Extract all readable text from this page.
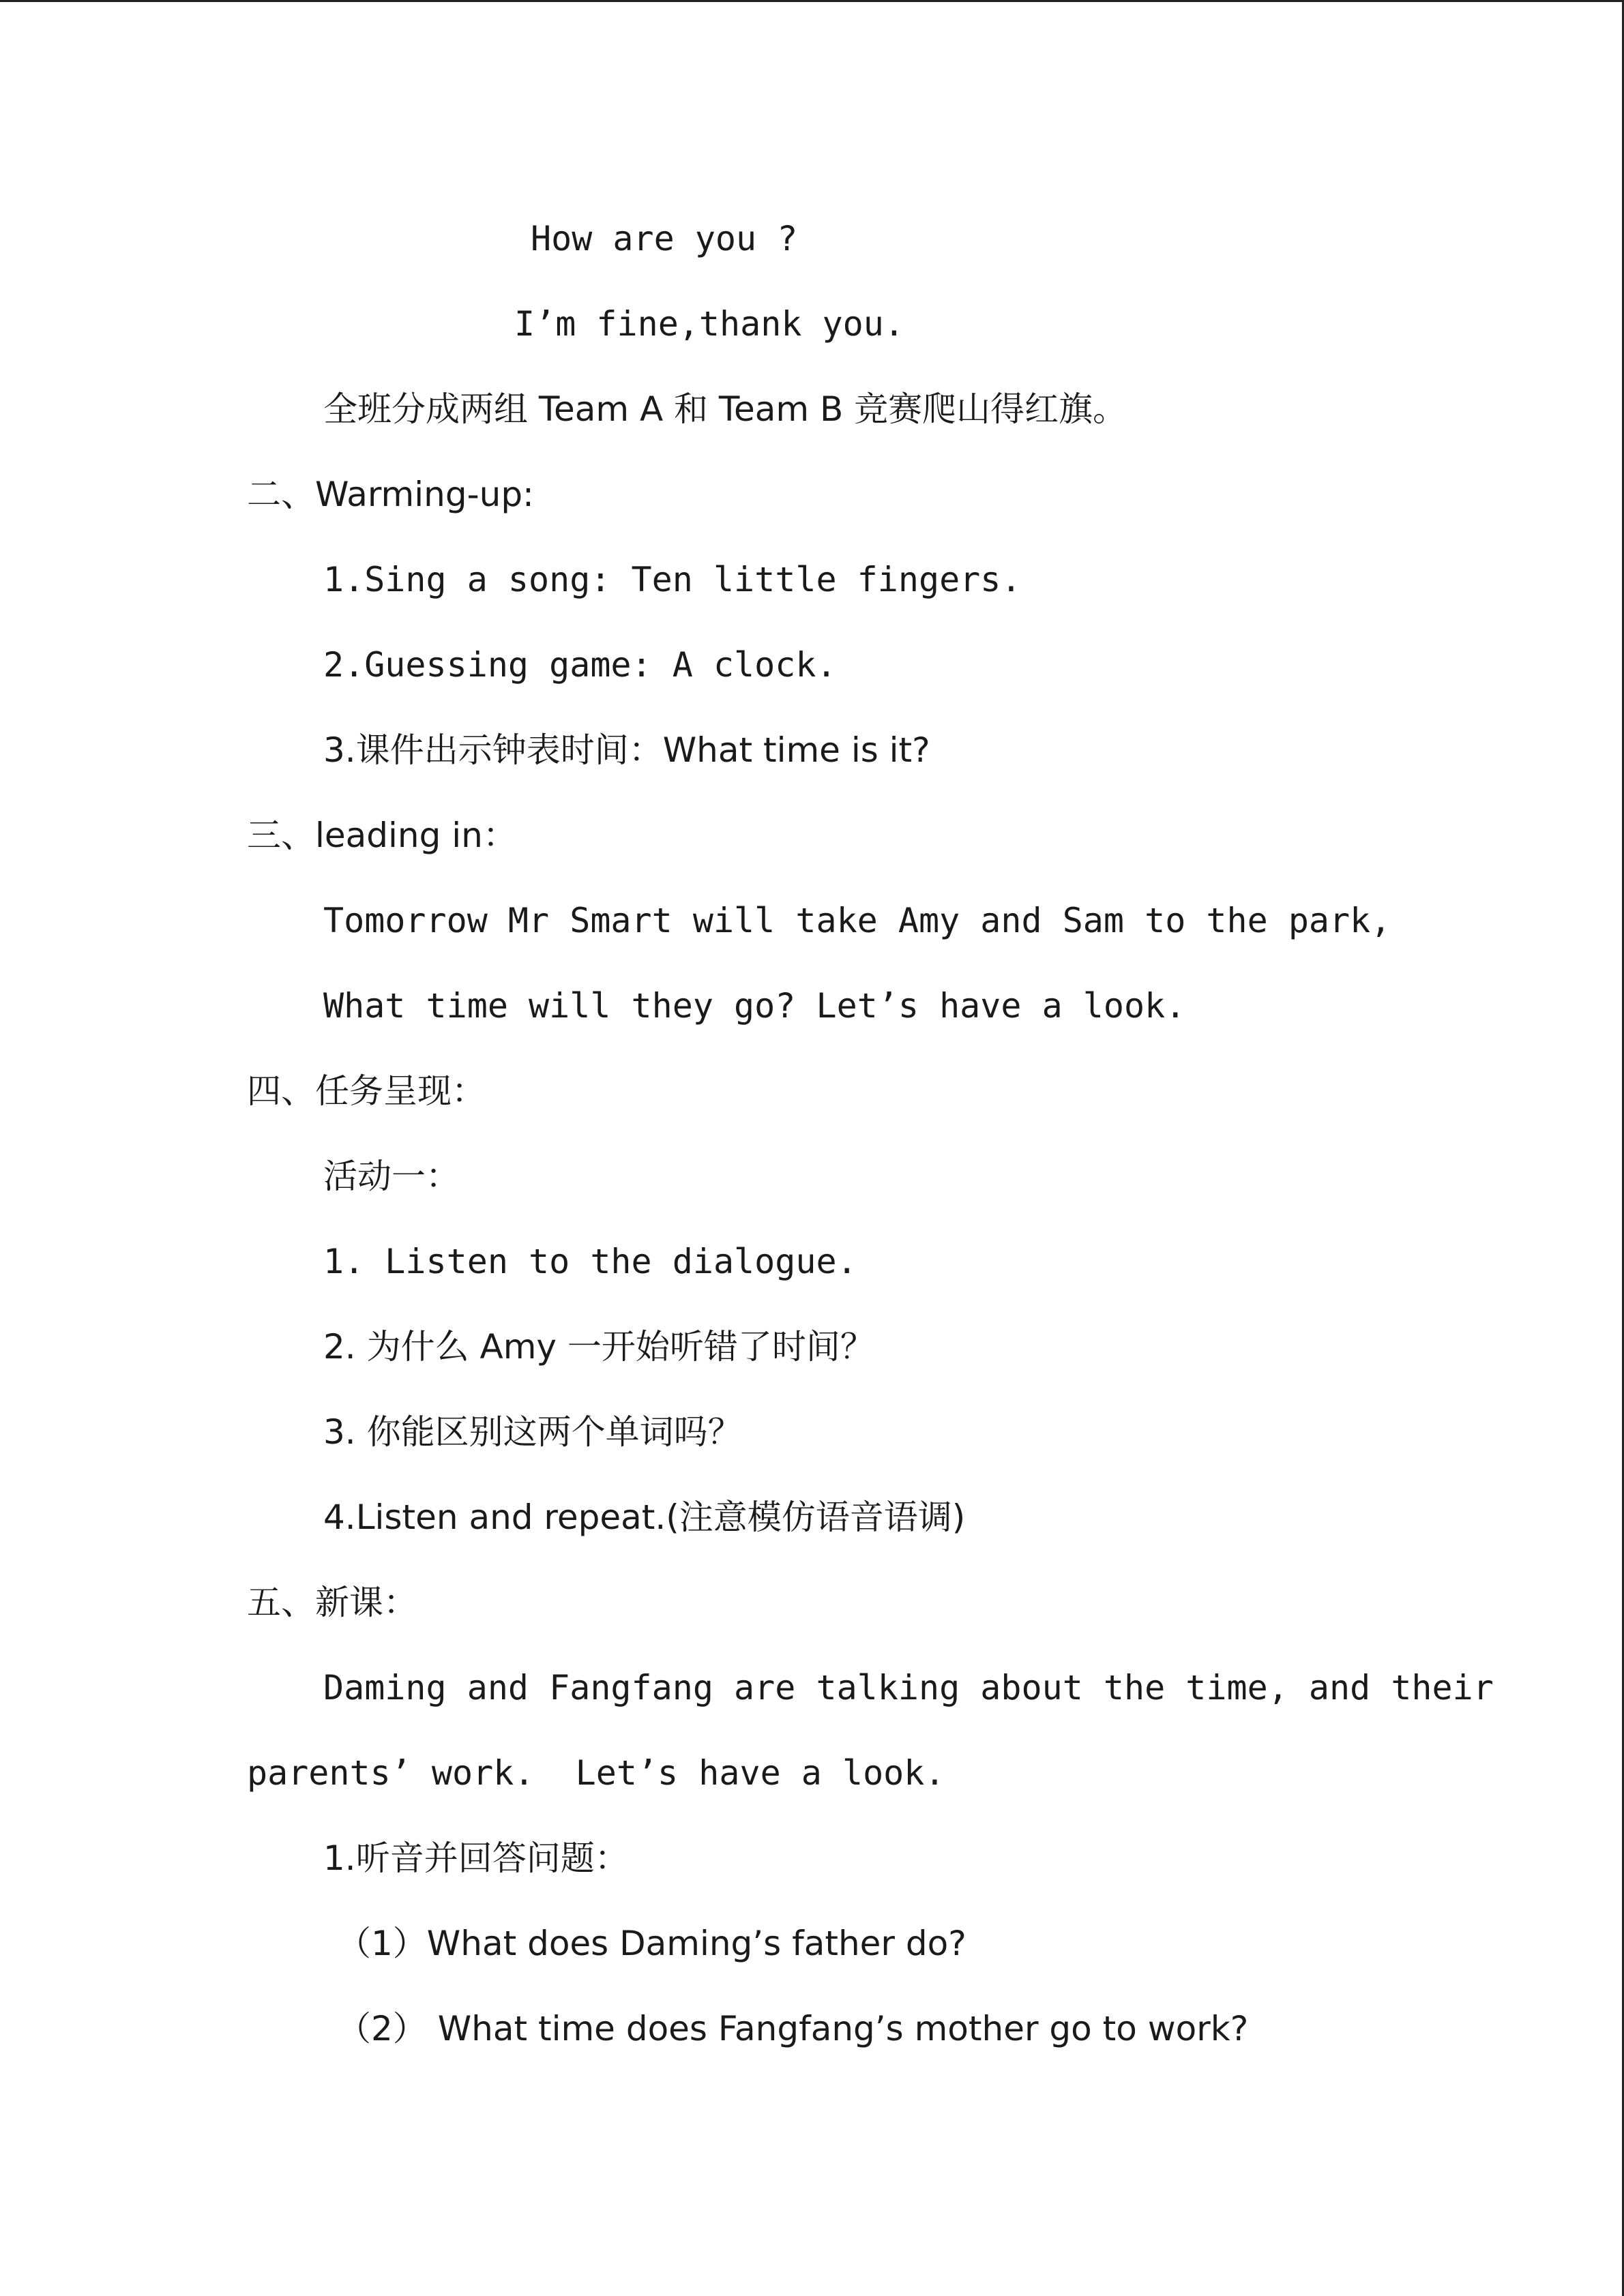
How are you ?
I’m fine,thank you.
全班分成两组 Team A 和 Team B 竞赛爬山得红旗。
二、Warming-up:
1.Sing a song: Ten little fingers.
2.Guessing game: A clock.
3.课件出示钟表时间：What time is it?
三、leading in：
Tomorrow Mr Smart will take Amy and Sam to the park,
What time will they go? Let’s have a look.
四、任务呈现：
活动一：
1. Listen to the dialogue.
2. 为什么 Amy 一开始听错了时间？
3. 你能区别这两个单词吗？
4.Listen and repeat.(注意模仿语音语调)
五、新课：
Daming and Fangfang are talking about the time, and their
parents’ work.  Let’s have a look.
1.听音并回答问题：
（1）What does Daming’s father do?
（2） What time does Fangfang’s mother go to work?
